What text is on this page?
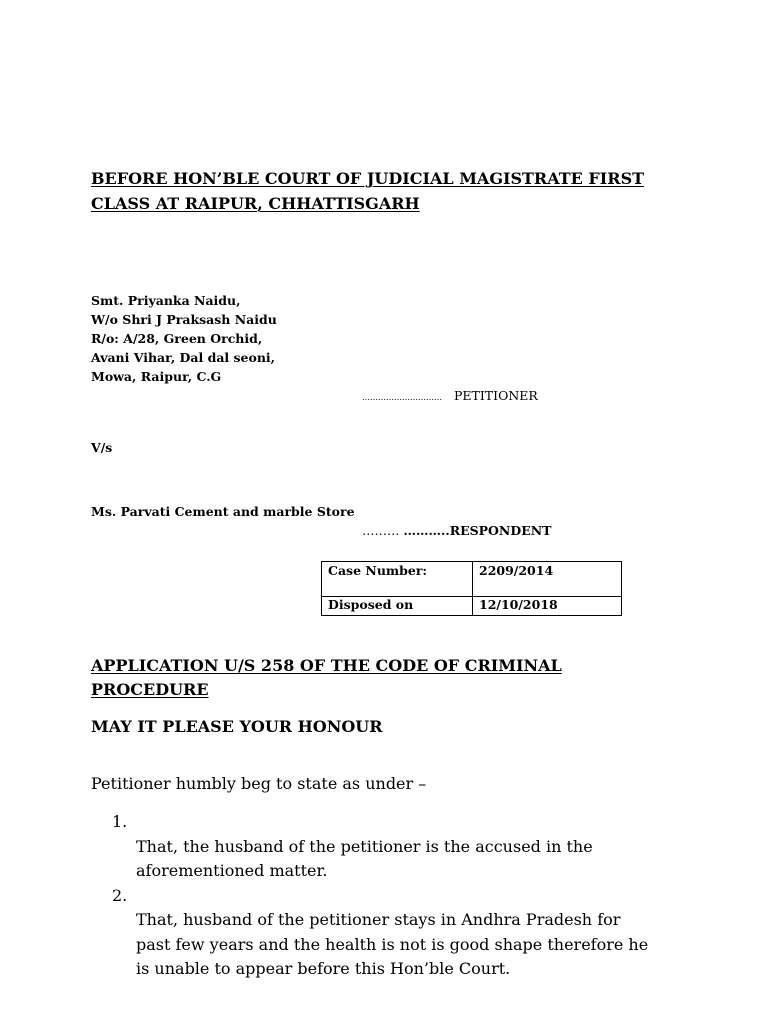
BEFORE HON’BLE COURT OF JUDICIAL MAGISTRATE FIRST
CLASS AT RAIPUR, CHHATTISGARH
Smt. Priyanka Naidu,
W/o Shri J Praksash Naidu
R/o: A/28, Green Orchid,
Avani Vihar, Dal dal seoni,
Mowa, Raipur, C.G
………………………… PETITIONER
V/s
Ms. Parvati Cement and marble Store
……… ………..RESPONDENT
Case Number:	2209/2014
Disposed on	12/10/2018
APPLICATION U/S 258 OF THE CODE OF CRIMINAL
PROCEDURE
MAY IT PLEASE YOUR HONOUR
Petitioner humbly beg to state as under –

1.
That, the husband of the petitioner is the accused in the
aforementioned matter.

2.
That, husband of the petitioner stays in Andhra Pradesh for
past few years and the health is not is good shape therefore he
is unable to appear before this Hon’ble Court.
